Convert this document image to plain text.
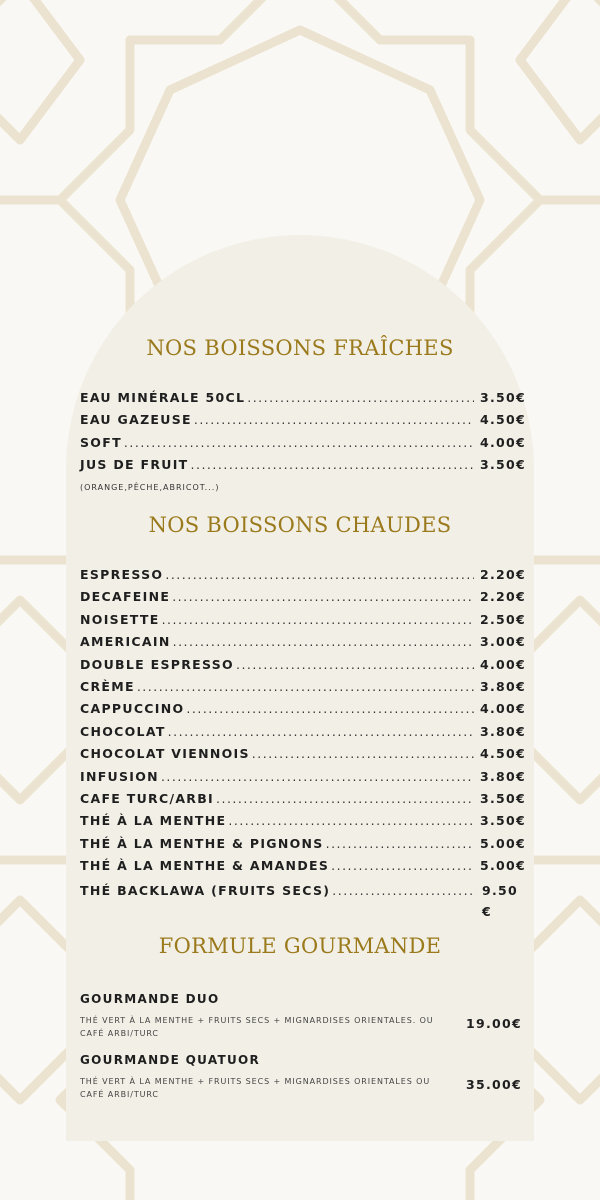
NOS BOISSONS FRAÎCHES
EAU MINÉRALE 50CL .....	3.50€
EAU GAZEUSE .....	4.50€
SOFT .....	4.00€
JUS DE FRUIT .....	3.50€
(ORANGE,PÊCHE,ABRICOT...)
NOS BOISSONS CHAUDES
ESPRESSO .....	2.20€
DECAFEINE .....	2.20€
NOISETTE .....	2.50€
AMERICAIN .....	3.00€
DOUBLE ESPRESSO .....	4.00€
CRÈME .....	3.80€
CAPPUCCINO .....	4.00€
CHOCOLAT .....	3.80€
CHOCOLAT VIENNOIS .....	4.50€
INFUSION .....	3.80€
CAFE TURC/ARBI .....	3.50€
THÉ À LA MENTHE .....	3.50€
THÉ À LA MENTHE & PIGNONS .....	5.00€
THÉ À LA MENTHE & AMANDES .....	5.00€
THÉ BACKLAWA (FRUITS SECS) .....	9.50 €
FORMULE GOURMANDE
GOURMANDE DUO
THÉ VERT À LA MENTHE + FRUITS SECS + MIGNARDISES ORIENTALES. OU CAFÉ ARBI/TURC
19.00€
GOURMANDE QUATUOR
THÉ VERT À LA MENTHE + FRUITS SECS + MIGNARDISES ORIENTALES OU CAFÉ ARBI/TURC
35.00€
